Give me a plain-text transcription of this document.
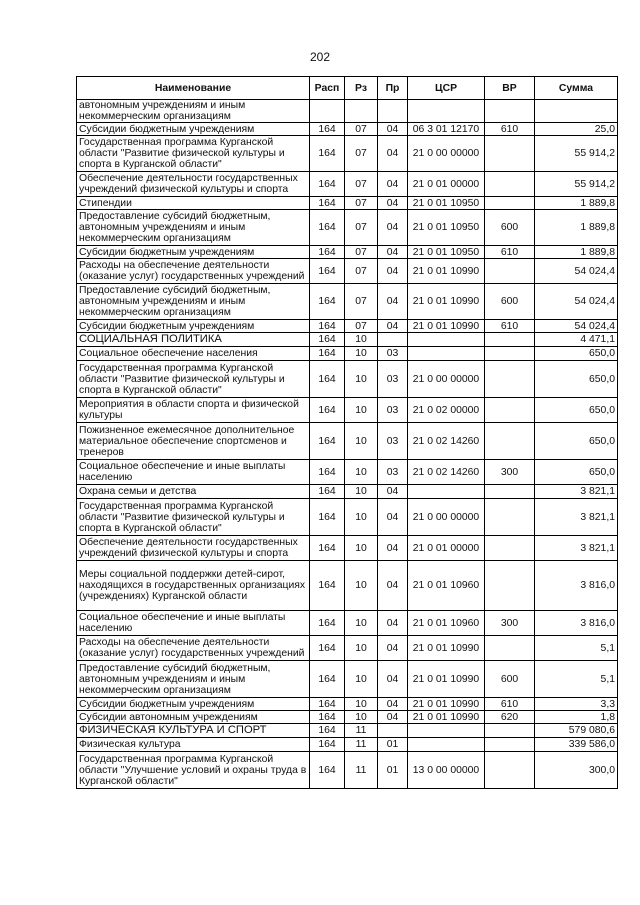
202
Наименование	Расп	Рз	Пр	ЦСР	ВР	Сумма
автономным учреждениям и иным некоммерческим организациям						
Субсидии бюджетным учреждениям	164	07	04	06 3 01 12170	610	25,0
Государственная программа Курганской области "Развитие физической культуры и спорта в Курганской области"	164	07	04	21 0 00 00000		55 914,2
Обеспечение деятельности государственных учреждений физической культуры и спорта	164	07	04	21 0 01 00000		55 914,2
Стипендии	164	07	04	21 0 01 10950		1 889,8
Предоставление субсидий бюджетным, автономным учреждениям и иным некоммерческим организациям	164	07	04	21 0 01 10950	600	1 889,8
Субсидии бюджетным учреждениям	164	07	04	21 0 01 10950	610	1 889,8
Расходы на обеспечение деятельности (оказание услуг) государственных учреждений	164	07	04	21 0 01 10990		54 024,4
Предоставление субсидий бюджетным, автономным учреждениям и иным некоммерческим организациям	164	07	04	21 0 01 10990	600	54 024,4
Субсидии бюджетным учреждениям	164	07	04	21 0 01 10990	610	54 024,4
СОЦИАЛЬНАЯ ПОЛИТИКА	164	10				4 471,1
Социальное обеспечение населения	164	10	03			650,0
Государственная программа Курганской области "Развитие физической культуры и спорта в Курганской области"	164	10	03	21 0 00 00000		650,0
Мероприятия в области спорта и физической культуры	164	10	03	21 0 02 00000		650,0
Пожизненное ежемесячное дополнительное материальное обеспечение спортсменов и тренеров	164	10	03	21 0 02 14260		650,0
Социальное обеспечение и иные выплаты населению	164	10	03	21 0 02 14260	300	650,0
Охрана семьи и детства	164	10	04			3 821,1
Государственная программа Курганской области "Развитие физической культуры и спорта в Курганской области"	164	10	04	21 0 00 00000		3 821,1
Обеспечение деятельности государственных учреждений физической культуры и спорта	164	10	04	21 0 01 00000		3 821,1
Меры социальной поддержки детей-сирот, находящихся в государственных организациях (учреждениях) Курганской области	164	10	04	21 0 01 10960		3 816,0
Социальное обеспечение и иные выплаты населению	164	10	04	21 0 01 10960	300	3 816,0
Расходы на обеспечение деятельности (оказание услуг) государственных учреждений	164	10	04	21 0 01 10990		5,1
Предоставление субсидий бюджетным, автономным учреждениям и иным некоммерческим организациям	164	10	04	21 0 01 10990	600	5,1
Субсидии бюджетным учреждениям	164	10	04	21 0 01 10990	610	3,3
Субсидии автономным учреждениям	164	10	04	21 0 01 10990	620	1,8
ФИЗИЧЕСКАЯ КУЛЬТУРА И СПОРТ	164	11				579 080,6
Физическая культура	164	11	01			339 586,0
Государственная программа Курганской области "Улучшение условий и охраны труда в Курганской области"	164	11	01	13 0 00 00000		300,0
